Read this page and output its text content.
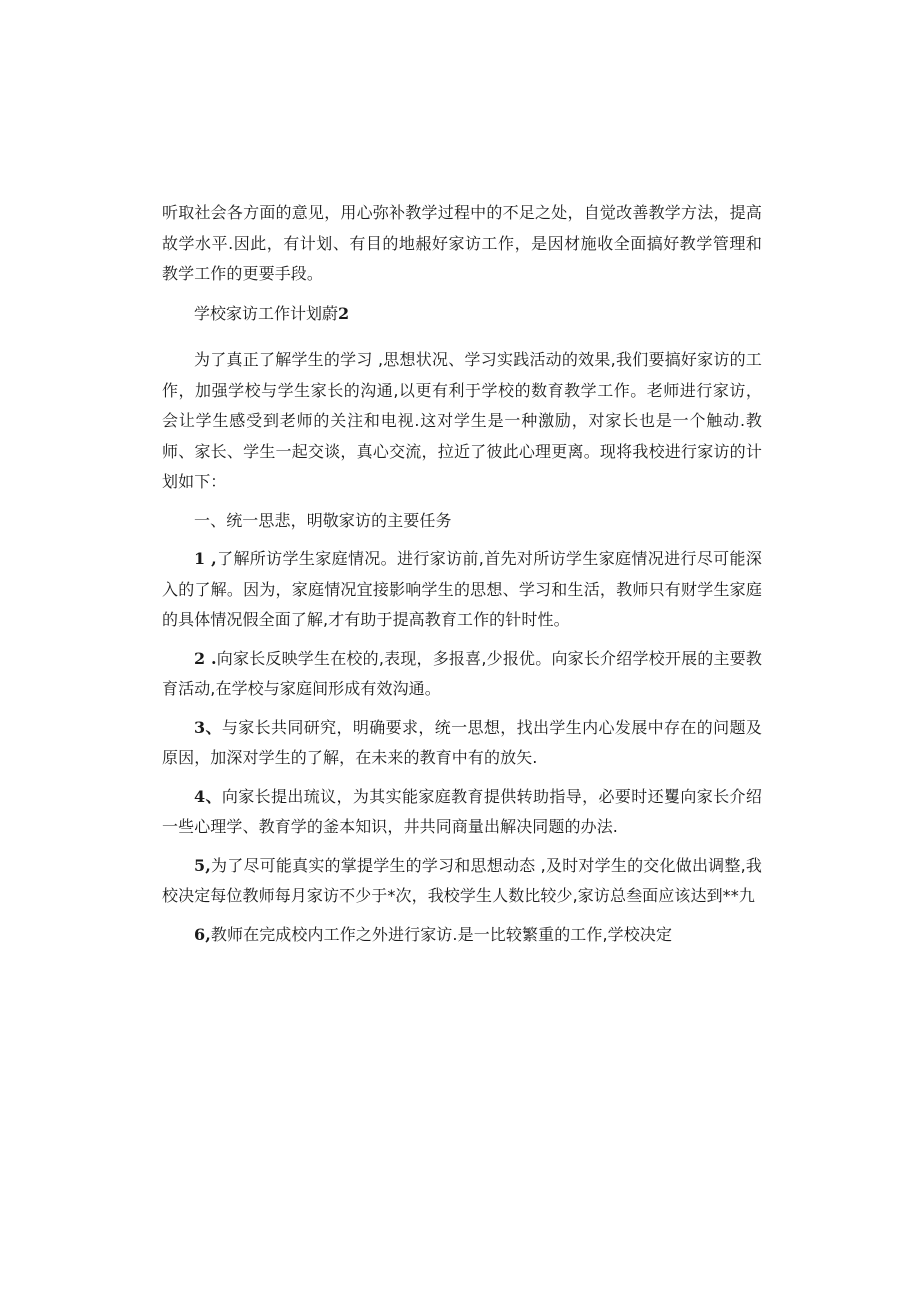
听取社会各方面的意见，用心弥补教学过程中的不足之处，自觉改善教学方法，提高故学水平.因此，有计划、有目的地赧好家访工作，是因材施收全面搞好教学管理和教学工作的更要手段。

学校家访工作计划蔚2

为了真正了解学生的学习 ,思想状况、学习实践活动的效果,我们要搞好家访的工作，加强学校与学生家长的沟通,以更有利于学校的数育教学工作。老师进行家访，会让学生感受到老师的关注和电视.这对学生是一种激励，对家长也是一个触动.教师、家长、学生一起交谈，真心交流，拉近了彼此心理更离。现将我校进行家访的计划如下：

一、统一思悲，明敬家访的主要任务

1 ,了解所访学生家庭情况。进行家访前,首先对所访学生家庭情况进行尽可能深入的了解。因为，家庭情况宜接影响学生的思想、学习和生活，教师只有财学生家庭的具体情况假全面了解,才有助于提高教育工作的针时性。

2 .向家长反映学生在校的,表现，多报喜,少报优。向家长介绍学校开展的主要教育活动,在学校与家庭间形成有效沟通。

3、与家长共同研究，明确要求，统一思想，找出学生内心发展中存在的问题及原因，加深对学生的了解，在未来的教育中有的放矢.

4、向家长提出琉议，为其实能家庭教育提供转助指导，必要时还矍向家长介绍一些心理学、教育学的釜本知识，井共同商量出解决同题的办法.

5,为了尽可能真实的掌提学生的学习和思想动态 ,及时对学生的交化做出调整,我校决定每位教师每月家访不少于*次，我校学生人数比较少,家访总叁面应该达到**九

6,教师在完成校内工作之外进行家访.是一比较繁重的工作,学校决定
